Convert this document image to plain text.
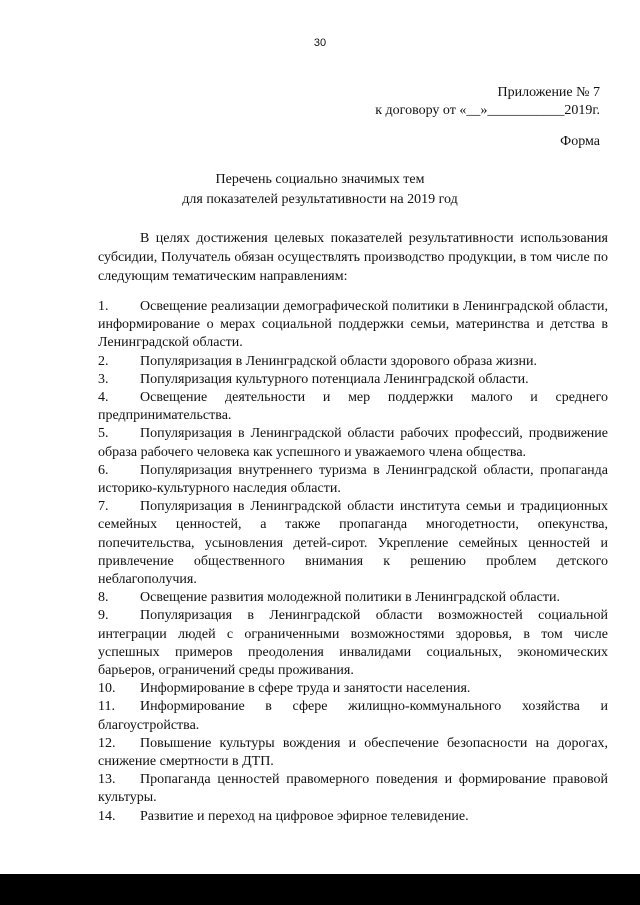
30
Приложение № 7
к договору от «__»___________2019г.
Форма
Перечень социально значимых тем
для показателей результативности на 2019 год
В целях достижения целевых показателей результативности использования субсидии, Получатель обязан осуществлять производство продукции, в том числе по следующим тематическим направлениям:
1. Освещение реализации демографической политики в Ленинградской области, информирование о мерах социальной поддержки семьи, материнства и детства в Ленинградской области.
2. Популяризация в Ленинградской области здорового образа жизни.
3. Популяризация культурного потенциала Ленинградской области.
4. Освещение деятельности и мер поддержки малого и среднего предпринимательства.
5. Популяризация в Ленинградской области рабочих профессий, продвижение образа рабочего человека как успешного и уважаемого члена общества.
6. Популяризация внутреннего туризма в Ленинградской области, пропаганда историко-культурного наследия области.
7. Популяризация в Ленинградской области института семьи и традиционных семейных ценностей, а также пропаганда многодетности, опекунства, попечительства, усыновления детей-сирот. Укрепление семейных ценностей и привлечение общественного внимания к решению проблем детского неблагополучия.
8. Освещение развития молодежной политики в Ленинградской области.
9. Популяризация в Ленинградской области возможностей социальной интеграции людей с ограниченными возможностями здоровья, в том числе успешных примеров преодоления инвалидами социальных, экономических барьеров, ограничений среды проживания.
10. Информирование в сфере труда и занятости населения.
11. Информирование в сфере жилищно-коммунального хозяйства и благоустройства.
12. Повышение культуры вождения и обеспечение безопасности на дорогах, снижение смертности в ДТП.
13. Пропаганда ценностей правомерного поведения и формирование правовой культуры.
14. Развитие и переход на цифровое эфирное телевидение.
